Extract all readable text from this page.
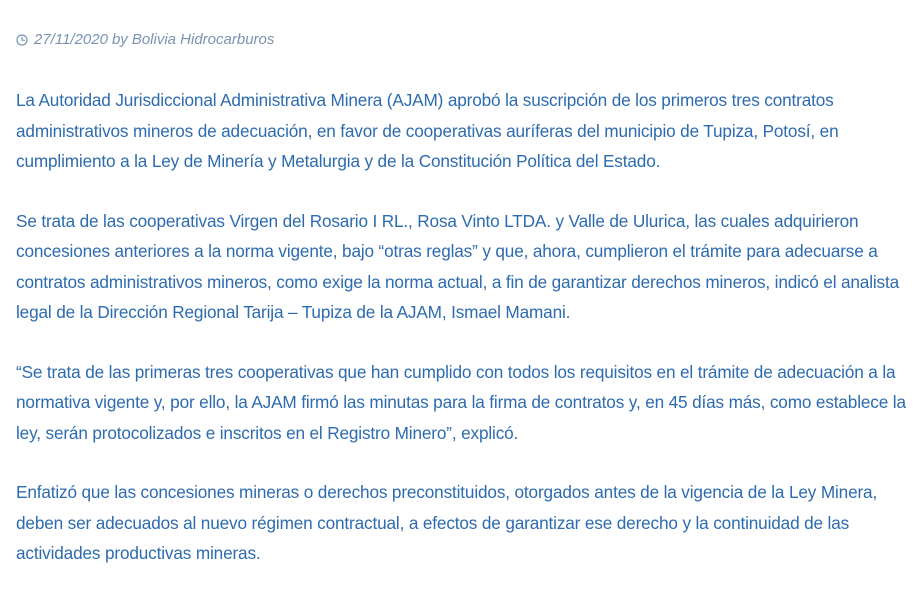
27/11/2020 by Bolivia Hidrocarburos

La Autoridad Jurisdiccional Administrativa Minera (AJAM) aprobó la suscripción de los primeros tres contratos administrativos mineros de adecuación, en favor de cooperativas auríferas del municipio de Tupiza, Potosí, en cumplimiento a la Ley de Minería y Metalurgia y de la Constitución Política del Estado.

Se trata de las cooperativas Virgen del Rosario I RL., Rosa Vinto LTDA. y Valle de Ulurica, las cuales adquirieron concesiones anteriores a la norma vigente, bajo “otras reglas” y que, ahora, cumplieron el trámite para adecuarse a contratos administrativos mineros, como exige la norma actual, a fin de garantizar derechos mineros, indicó el analista legal de la Dirección Regional Tarija – Tupiza de la AJAM, Ismael Mamani.

“Se trata de las primeras tres cooperativas que han cumplido con todos los requisitos en el trámite de adecuación a la normativa vigente y, por ello, la AJAM firmó las minutas para la firma de contratos y, en 45 días más, como establece la ley, serán protocolizados e inscritos en el Registro Minero”, explicó.

Enfatizó que las concesiones mineras o derechos preconstituidos, otorgados antes de la vigencia de la Ley Minera, deben ser adecuados al nuevo régimen contractual, a efectos de garantizar ese derecho y la continuidad de las actividades productivas mineras.
